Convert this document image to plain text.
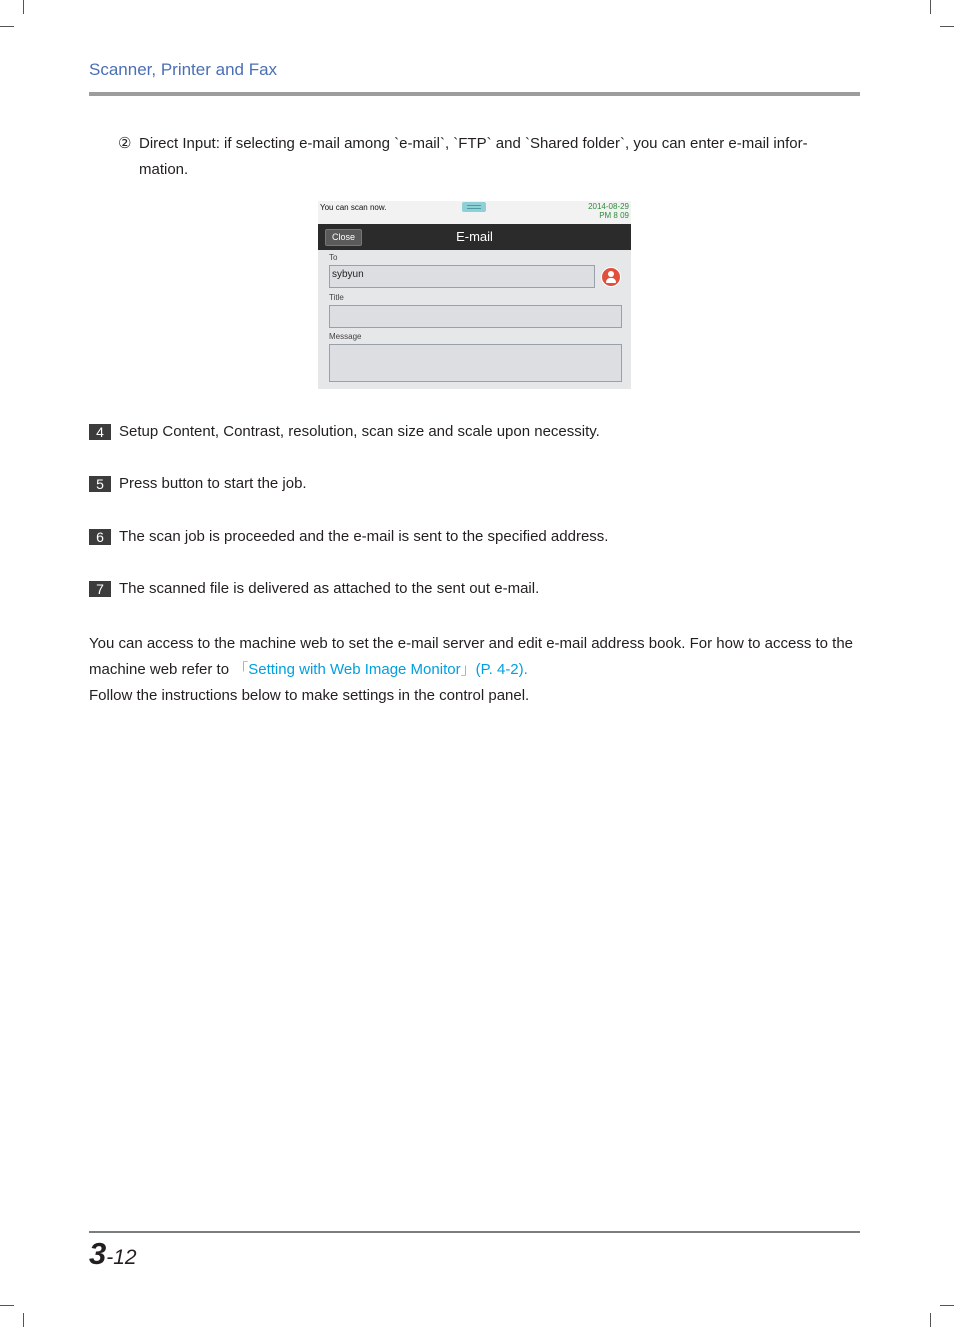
Scanner, Printer and Fax
② Direct Input: if selecting e-mail among `e-mail`, `FTP` and `Shared folder`, you can enter e-mail infor-mation.
You can scan now.	2014-08-29
PM 8 09
E-mail
Close
To
sybyun
Title
Message
4	Setup Content, Contrast, resolution, scan size and scale upon necessity.
5	Press button to start the job.
6	The scan job is proceeded and the e-mail is sent to the specified address.
7	The scanned file is delivered as attached to the sent out e-mail.
You can access to the machine web to set the e-mail server and edit e-mail address book. For how to access to the machine web refer to 「Setting with Web Image Monitor」(P. 4-2).
Follow the instructions below to make settings in the control panel.
3-12
